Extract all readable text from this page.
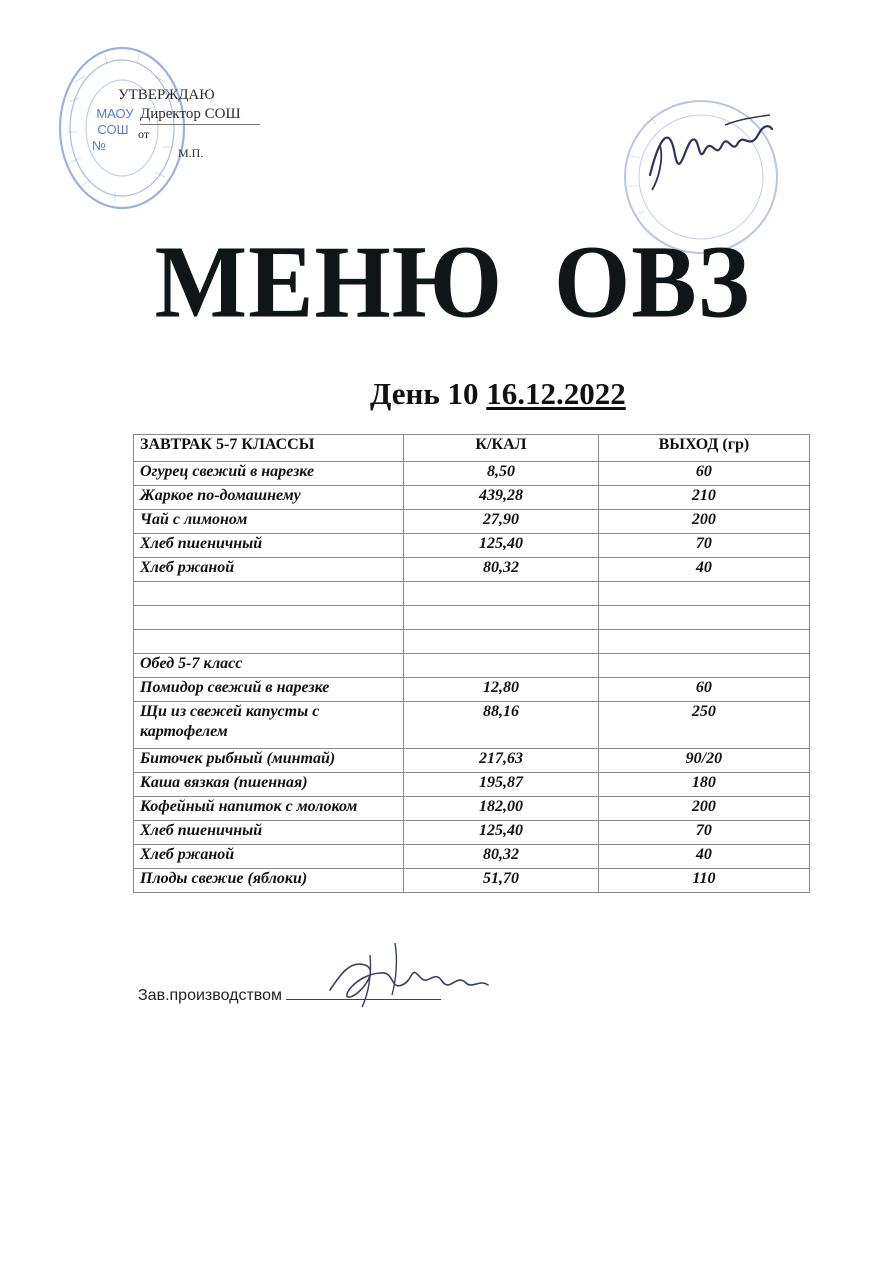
МАОУ
СОШ
№
УТВЕРЖДАЮ
Директор СОШ
от
М.П.
МЕНЮ  ОВЗ
День 10 16.12.2022
ЗАВТРАК 5-7 КЛАССЫ	К/КАЛ	ВЫХОД (гр)
Огурец свежий в нарезке	8,50	60
Жаркое по-домашнему	439,28	210
Чай с лимоном	27,90	200
Хлеб пшеничный	125,40	70
Хлеб ржаной	80,32	40

Обед 5-7 класс		
Помидор свежий в нарезке	12,80	60
Щи из свежей капусты с картофелем	88,16	250
Биточек рыбный (минтай)	217,63	90/20
Каша вязкая (пшенная)	195,87	180
Кофейный напиток с молоком	182,00	200
Хлеб пшеничный	125,40	70
Хлеб ржаной	80,32	40
Плоды свежие (яблоки)	51,70	110
Зав.производством
